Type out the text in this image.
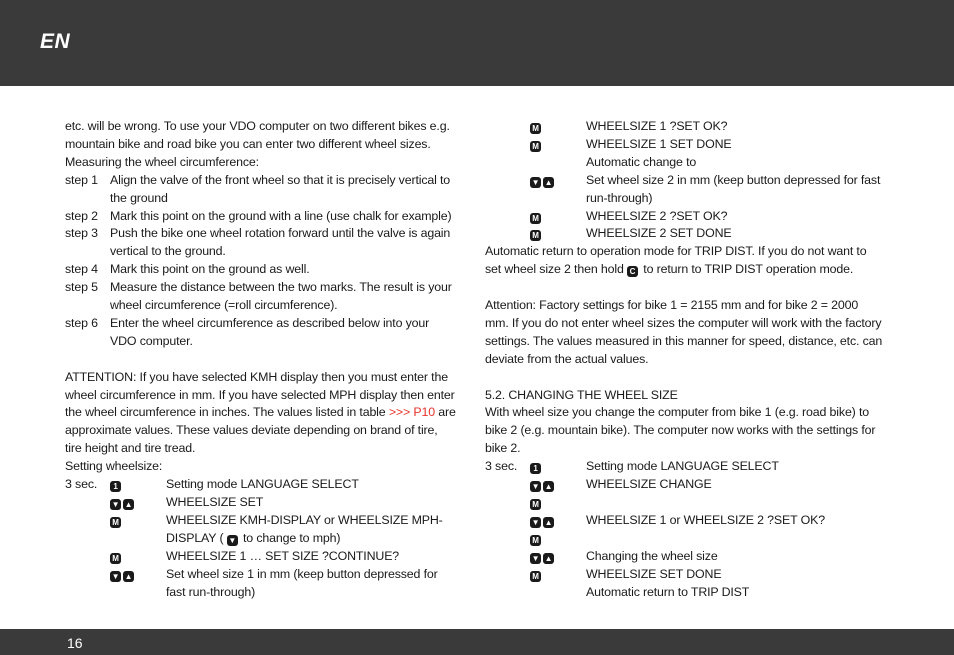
EN

etc. will be wrong. To use your VDO computer on two different bikes e.g. mountain bike and road bike you can enter two different wheel sizes. Measuring the wheel circumference:

step 1 Align the valve of the front wheel so that it is precisely vertical to the ground
step 2 Mark this point on the ground with a line (use chalk for example)
step 3 Push the bike one wheel rotation forward until the valve is again vertical to the ground.
step 4 Mark this point on the ground as well.
step 5 Measure the distance between the two marks. The result is your wheel circumference (=roll circumference).
step 6 Enter the wheel circumference as described below into your VDO computer.

ATTENTION: If you have selected KMH display then you must enter the wheel circumference in mm. If you have selected MPH display then enter the wheel circumference in inches. The values listed in table >>> P10 are approximate values. These values deviate depending on brand of tire, tire height and tire tread.

Setting wheelsize:

3 sec.	1	Setting mode LANGUAGE SELECT
▼ ▲	WHEELSIZE SET
M	WHEELSIZE KMH-DISPLAY or WHEELSIZE MPH-DISPLAY ( ▼ to change to mph)
M	WHEELSIZE 1 … SET SIZE ?CONTINUE?
▼ ▲	Set wheel size 1 in mm (keep button depressed for fast run-through)
M	WHEELSIZE 1 ?SET OK?
M	WHEELSIZE 1 SET DONE
Automatic change to
▼ ▲	Set wheel size 2 in mm (keep button depressed for fast run-through)
M	WHEELSIZE 2 ?SET OK?
M	WHEELSIZE 2 SET DONE

Automatic return to operation mode for TRIP DIST. If you do not want to set wheel size 2 then hold C to return to TRIP DIST operation mode.

Attention: Factory settings for bike 1 = 2155 mm and for bike 2 = 2000 mm. If you do not enter wheel sizes the computer will work with the factory settings. The values measured in this manner for speed, distance, etc. can deviate from the actual values.

5.2. CHANGING THE WHEEL SIZE

With wheel size you change the computer from bike 1 (e.g. road bike) to bike 2 (e.g. mountain bike). The computer now works with the settings for bike 2.

3 sec.	1	Setting mode LANGUAGE SELECT
▼ ▲	WHEELSIZE CHANGE
M
▼ ▲	WHEELSIZE 1 or WHEELSIZE 2 ?SET OK?
M
▼ ▲	Changing the wheel size
M	WHEELSIZE SET DONE
Automatic return to TRIP DIST
16
